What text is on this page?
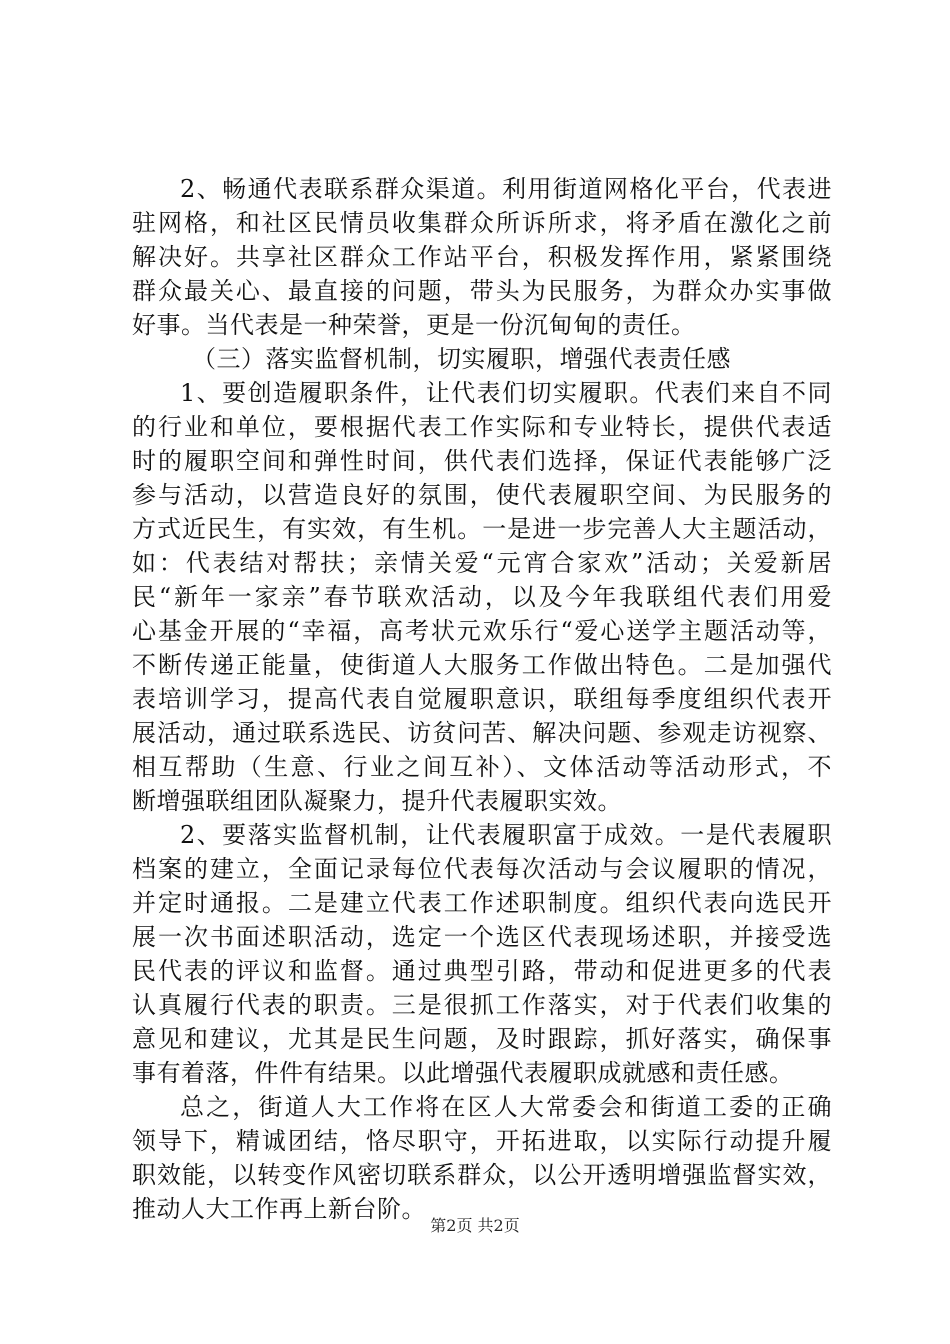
2、畅通代表联系群众渠道。利用街道网格化平台，代表进
驻网格，和社区民情员收集群众所诉所求，将矛盾在激化之前
解决好。共享社区群众工作站平台，积极发挥作用，紧紧围绕
群众最关心、最直接的问题，带头为民服务，为群众办实事做
好事。当代表是一种荣誉，更是一份沉甸甸的责任。
（三）落实监督机制，切实履职，增强代表责任感
1、要创造履职条件，让代表们切实履职。代表们来自不同
的行业和单位，要根据代表工作实际和专业特长，提供代表适
时的履职空间和弹性时间，供代表们选择，保证代表能够广泛
参与活动，以营造良好的氛围，使代表履职空间、为民服务的
方式近民生，有实效，有生机。一是进一步完善人大主题活动，
如：代表结对帮扶；亲情关爱“元宵合家欢”活动；关爱新居
民“新年一家亲”春节联欢活动，以及今年我联组代表们用爱
心基金开展的“幸福，高考状元欢乐行“爱心送学主题活动等，
不断传递正能量，使街道人大服务工作做出特色。二是加强代
表培训学习，提高代表自觉履职意识，联组每季度组织代表开
展活动，通过联系选民、访贫问苦、解决问题、参观走访视察、
相互帮助（生意、行业之间互补）、文体活动等活动形式，不
断增强联组团队凝聚力，提升代表履职实效。
2、要落实监督机制，让代表履职富于成效。一是代表履职
档案的建立，全面记录每位代表每次活动与会议履职的情况，
并定时通报。二是建立代表工作述职制度。组织代表向选民开
展一次书面述职活动，选定一个选区代表现场述职，并接受选
民代表的评议和监督。通过典型引路，带动和促进更多的代表
认真履行代表的职责。三是很抓工作落实，对于代表们收集的
意见和建议，尤其是民生问题，及时跟踪，抓好落实，确保事
事有着落，件件有结果。以此增强代表履职成就感和责任感。
总之，街道人大工作将在区人大常委会和街道工委的正确
领导下，精诚团结，恪尽职守，开拓进取，以实际行动提升履
职效能，以转变作风密切联系群众，以公开透明增强监督实效，
推动人大工作再上新台阶。
第2页 共2页
